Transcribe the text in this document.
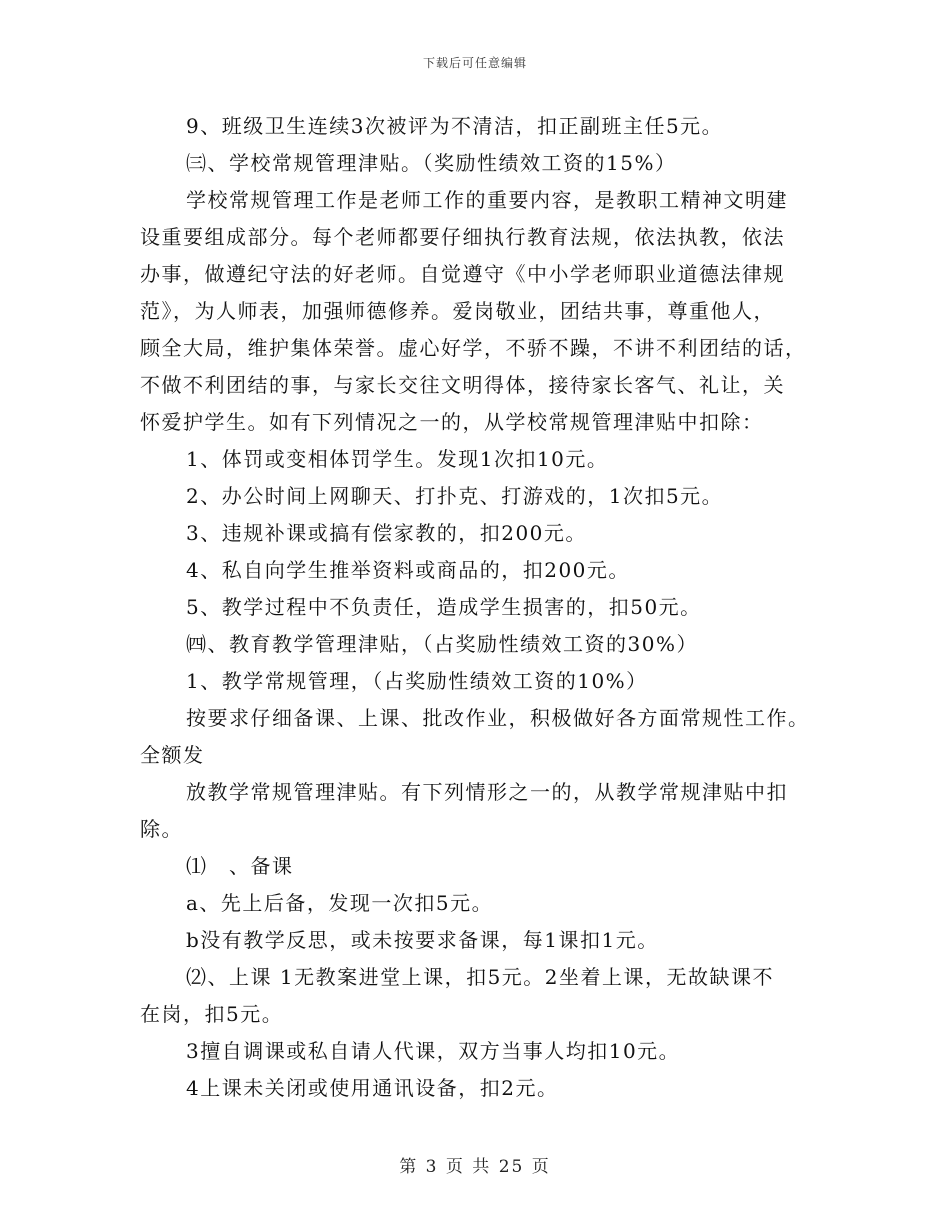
下载后可任意编辑
9、班级卫生连续3次被评为不清洁，扣正副班主任5元。
㈢、学校常规管理津贴。（奖励性绩效工资的15%）
学校常规管理工作是老师工作的重要内容，是教职工精神文明建
设重要组成部分。每个老师都要仔细执行教育法规，依法执教，依法
办事，做遵纪守法的好老师。自觉遵守《中小学老师职业道德法律规
范》，为人师表，加强师德修养。爱岗敬业，团结共事，尊重他人，
顾全大局，维护集体荣誉。虚心好学，不骄不躁，不讲不利团结的话，
不做不利团结的事，与家长交往文明得体，接待家长客气、礼让，关
怀爱护学生。如有下列情况之一的，从学校常规管理津贴中扣除：
1、体罚或变相体罚学生。发现1次扣10元。
2、办公时间上网聊天、打扑克、打游戏的，1次扣5元。
3、违规补课或搞有偿家教的，扣200元。
4、私自向学生推举资料或商品的，扣200元。
5、教学过程中不负责任，造成学生损害的，扣50元。
㈣、教育教学管理津贴，（占奖励性绩效工资的30%）
1、教学常规管理，（占奖励性绩效工资的10%）
按要求仔细备课、上课、批改作业，积极做好各方面常规性工作。
全额发
放教学常规管理津贴。有下列情形之一的，从教学常规津贴中扣
除。
⑴　、备课
a、先上后备，发现一次扣5元。
b没有教学反思，或未按要求备课，每1课扣1元。
⑵、上课 1无教案进堂上课，扣5元。2坐着上课，无故缺课不
在岗，扣5元。
3擅自调课或私自请人代课，双方当事人均扣10元。
4上课未关闭或使用通讯设备，扣2元。
第 3 页 共 25 页
